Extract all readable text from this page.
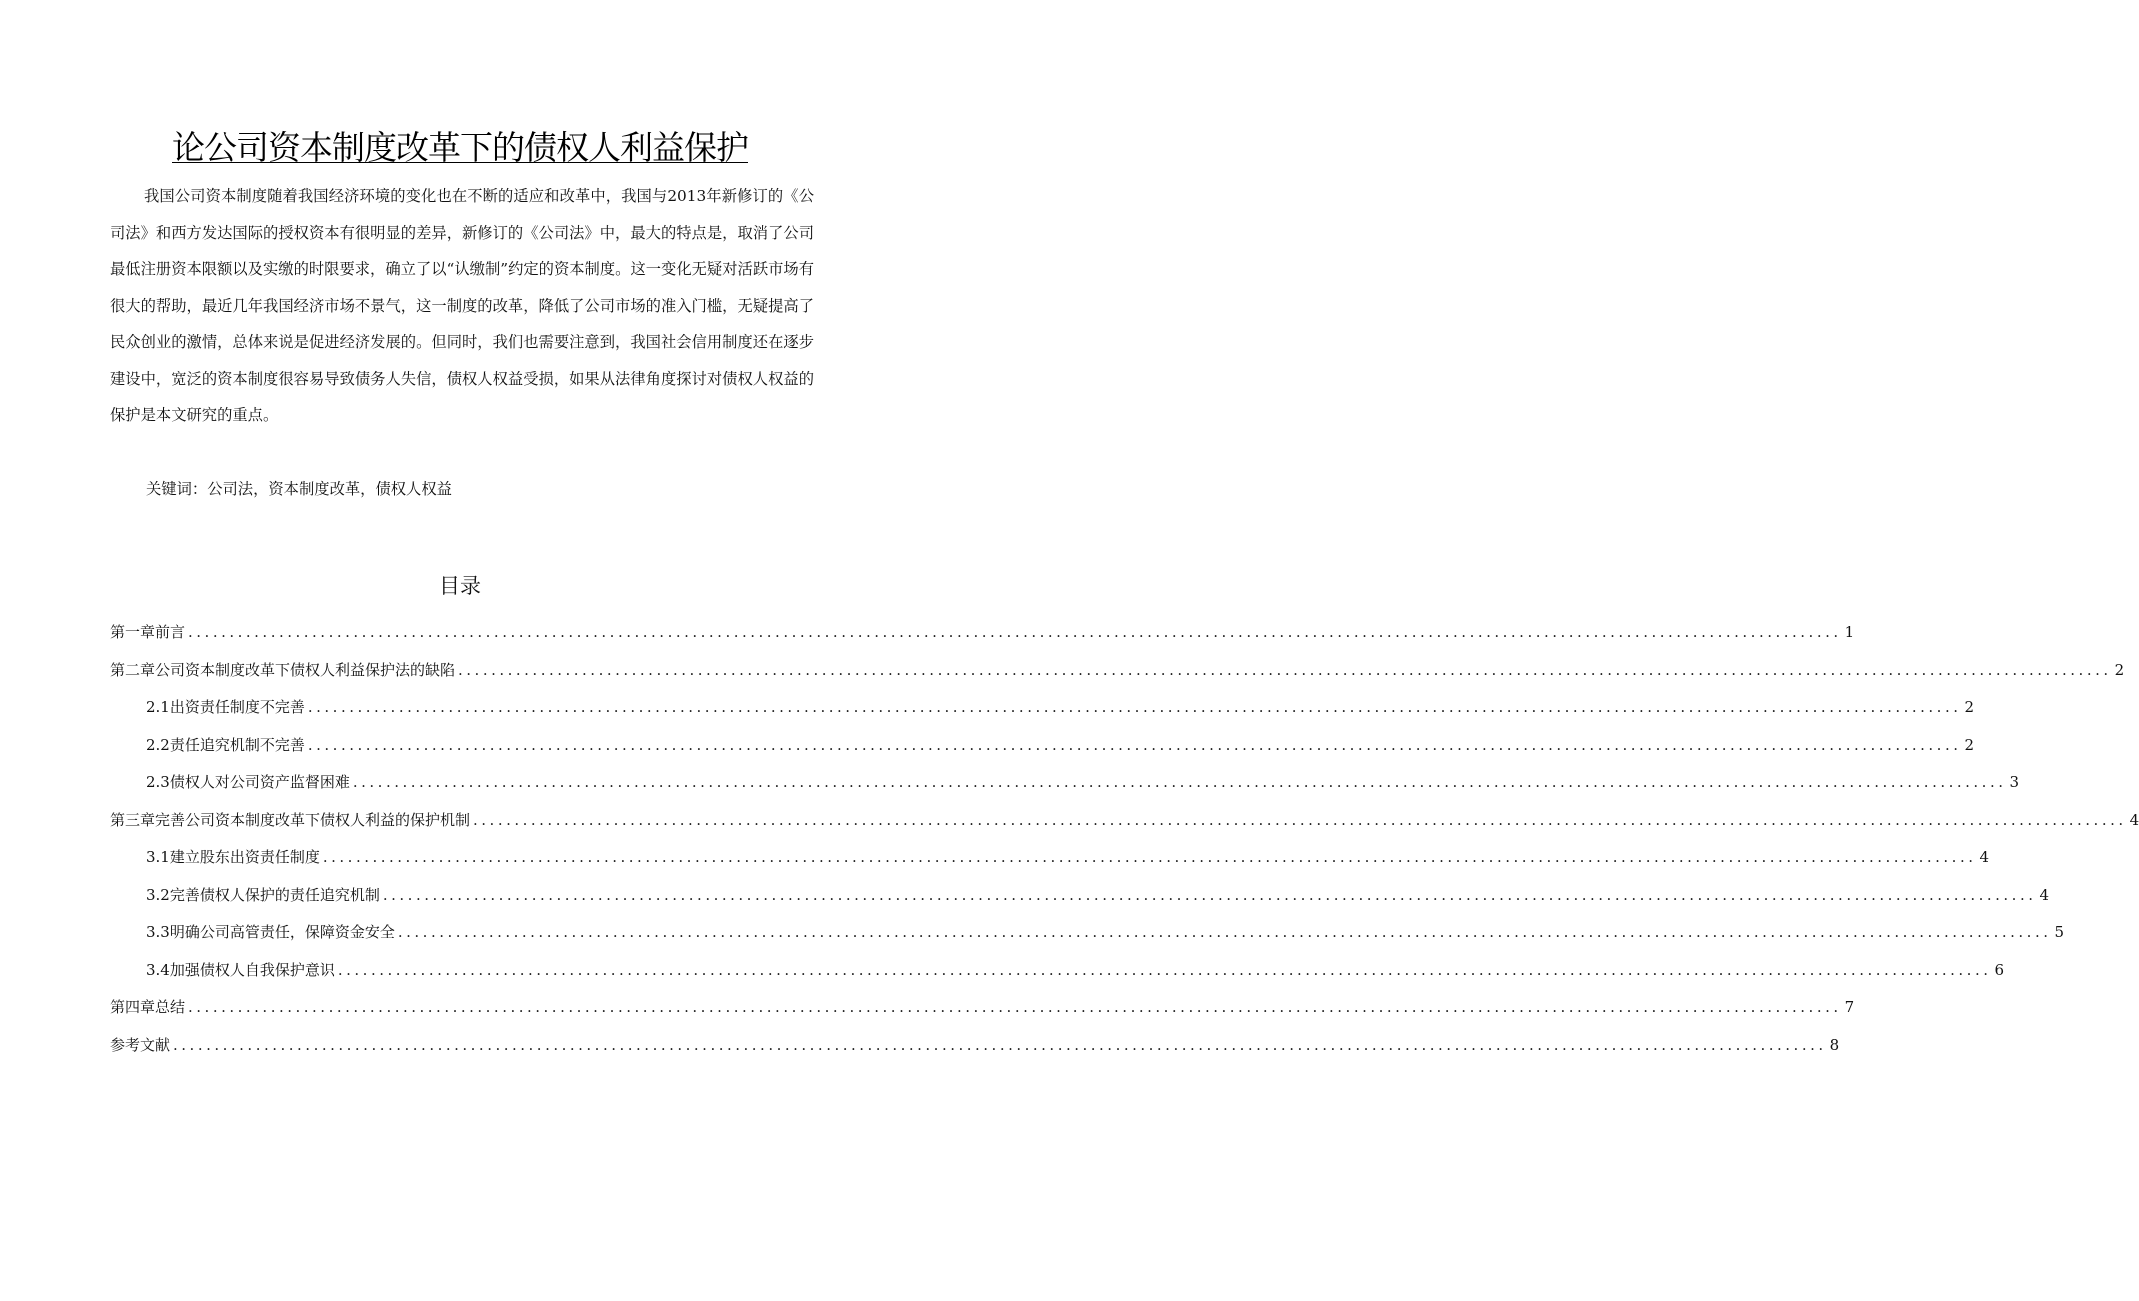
论公司资本制度改革下的债权人利益保护

我国公司资本制度随着我国经济环境的变化也在不断的适应和改革中，我国与2013年新修订的《公司法》和西方发达国际的授权资本有很明显的差异，新修订的《公司法》中，最大的特点是，取消了公司最低注册资本限额以及实缴的时限要求，确立了以“认缴制”约定的资本制度。这一变化无疑对活跃市场有很大的帮助，最近几年我国经济市场不景气，这一制度的改革，降低了公司市场的准入门槛，无疑提高了民众创业的激情，总体来说是促进经济发展的。但同时，我们也需要注意到，我国社会信用制度还在逐步建设中，宽泛的资本制度很容易导致债务人失信，债权人权益受损，如果从法律角度探讨对债权人权益的保护是本文研究的重点。

关键词：公司法，资本制度改革，债权人权益
目录
第一章前言 ........................................................................................................................................................................................................ 1
第二章公司资本制度改革下债权人利益保护法的缺陷 ........................................................................................................................................................................................................ 2
2.1 出资责任制度不完善 ........................................................................................................................................................................................................ 2
2.2 责任追究机制不完善 ........................................................................................................................................................................................................ 2
2.3 债权人对公司资产监督困难 ........................................................................................................................................................................................................ 3
第三章完善公司资本制度改革下债权人利益的保护机制 ........................................................................................................................................................................................................ 4
3.1 建立股东出资责任制度 ........................................................................................................................................................................................................ 4
3.2 完善债权人保护的责任追究机制 ........................................................................................................................................................................................................ 4
3.3 明确公司高管责任，保障资金安全 ........................................................................................................................................................................................................ 5
3.4 加强债权人自我保护意识 ........................................................................................................................................................................................................ 6
第四章总结 ........................................................................................................................................................................................................ 7
参考文献 ........................................................................................................................................................................................................ 8
